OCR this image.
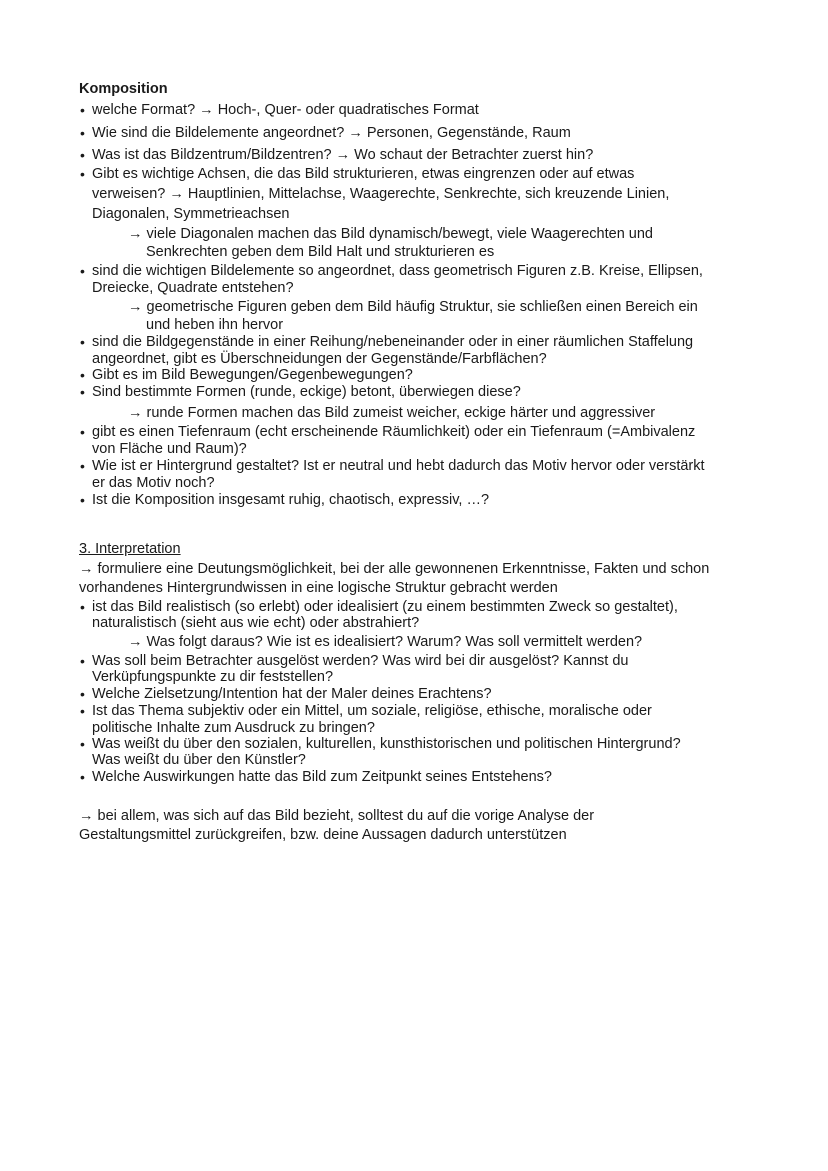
Komposition
• welche Format? → Hoch-, Quer- oder quadratisches Format
• Wie sind die Bildelemente angeordnet? → Personen, Gegenstände, Raum
• Was ist das Bildzentrum/Bildzentren? → Wo schaut der Betrachter zuerst hin?
• Gibt es wichtige Achsen, die das Bild strukturieren, etwas eingrenzen oder auf etwas
verweisen? → Hauptlinien, Mittelachse, Waagerechte, Senkrechte, sich kreuzende Linien,
Diagonalen, Symmetrieachsen
→ viele Diagonalen machen das Bild dynamisch/bewegt, viele Waagerechten und
Senkrechten geben dem Bild Halt und strukturieren es
• sind die wichtigen Bildelemente so angeordnet, dass geometrisch Figuren z.B. Kreise, Ellipsen,
Dreiecke, Quadrate entstehen?
→ geometrische Figuren geben dem Bild häufig Struktur, sie schließen einen Bereich ein
und heben ihn hervor
• sind die Bildgegenstände in einer Reihung/nebeneinander oder in einer räumlichen Staffelung
angeordnet, gibt es Überschneidungen der Gegenstände/Farbflächen?
• Gibt es im Bild Bewegungen/Gegenbewegungen?
• Sind bestimmte Formen (runde, eckige) betont, überwiegen diese?
→ runde Formen machen das Bild zumeist weicher, eckige härter und aggressiver
• gibt es einen Tiefenraum (echt erscheinende Räumlichkeit) oder ein Tiefenraum (=Ambivalenz
von Fläche und Raum)?
• Wie ist er Hintergrund gestaltet? Ist er neutral und hebt dadurch das Motiv hervor oder verstärkt
er das Motiv noch?
• Ist die Komposition insgesamt ruhig, chaotisch, expressiv, …?
3. Interpretation
→ formuliere eine Deutungsmöglichkeit, bei der alle gewonnenen Erkenntnisse, Fakten und schon
vorhandenes Hintergrundwissen in eine logische Struktur gebracht werden
• ist das Bild realistisch (so erlebt) oder idealisiert (zu einem bestimmten Zweck so gestaltet),
naturalistisch (sieht aus wie echt) oder abstrahiert?
→ Was folgt daraus? Wie ist es idealisiert? Warum? Was soll vermittelt werden?
• Was soll beim Betrachter ausgelöst werden? Was wird bei dir ausgelöst? Kannst du
Verküpfungspunkte zu dir feststellen?
• Welche Zielsetzung/Intention hat der Maler deines Erachtens?
• Ist das Thema subjektiv oder ein Mittel, um soziale, religiöse, ethische, moralische oder
politische Inhalte zum Ausdruck zu bringen?
• Was weißt du über den sozialen, kulturellen, kunsthistorischen und politischen Hintergrund?
Was weißt du über den Künstler?
• Welche Auswirkungen hatte das Bild zum Zeitpunkt seines Entstehens?
→ bei allem, was sich auf das Bild bezieht, solltest du auf die vorige Analyse der
Gestaltungsmittel zurückgreifen, bzw. deine Aussagen dadurch unterstützen
